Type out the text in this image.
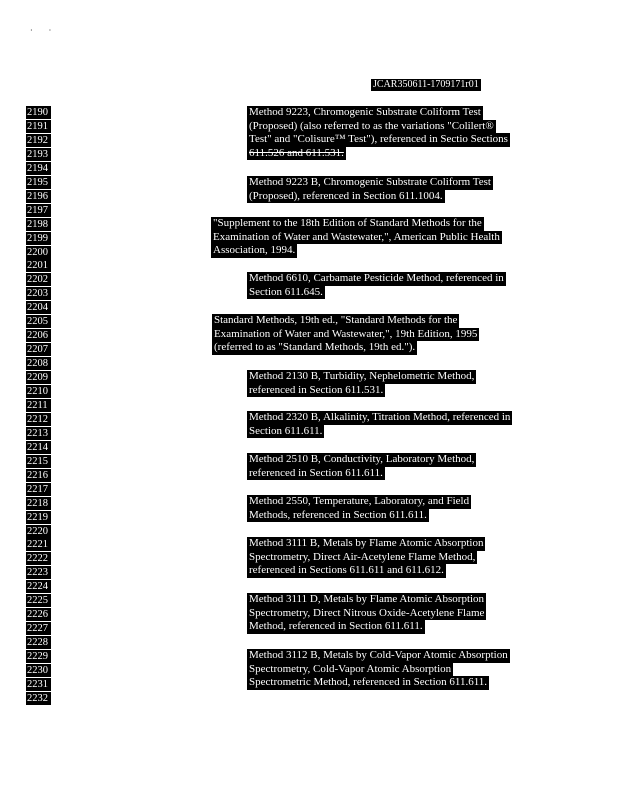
·        ·
JCAR350611-1709171r01
2190
2191
2192
2193
2194
2195
2196
2197
2198
2199
2200
2201
2202
2203
2204
2205
2206
2207
2208
2209
2210
2211
2212
2213
2214
2215
2216
2217
2218
2219
2220
2221
2222
2223
2224
2225
2226
2227
2228
2229
2230
2231
2232
Method 9223, Chromogenic Substrate Coliform Test
(Proposed) (also referred to as the variations "Colilert®
Test" and "Colisure™ Test"), referenced in Sectio Sections
611.526 and 611.531.
Method 9223 B, Chromogenic Substrate Coliform Test
(Proposed), referenced in Section 611.1004.
"Supplement to the 18th Edition of Standard Methods for the
Examination of Water and Wastewater,", American Public Health
Association, 1994.
Method 6610, Carbamate Pesticide Method, referenced in
Section 611.645.
Standard Methods, 19th ed., "Standard Methods for the
Examination of Water and Wastewater,", 19th Edition, 1995
(referred to as "Standard Methods, 19th ed.").
Method 2130 B, Turbidity, Nephelometric Method,
referenced in Section 611.531.
Method 2320 B, Alkalinity, Titration Method, referenced in
Section 611.611.
Method 2510 B, Conductivity, Laboratory Method,
referenced in Section 611.611.
Method 2550, Temperature, Laboratory, and Field
Methods, referenced in Section 611.611.
Method 3111 B, Metals by Flame Atomic Absorption
Spectrometry, Direct Air-Acetylene Flame Method,
referenced in Sections 611.611 and 611.612.
Method 3111 D, Metals by Flame Atomic Absorption
Spectrometry, Direct Nitrous Oxide-Acetylene Flame
Method, referenced in Section 611.611.
Method 3112 B, Metals by Cold-Vapor Atomic Absorption
Spectrometry, Cold-Vapor Atomic Absorption
Spectrometric Method, referenced in Section 611.611.
